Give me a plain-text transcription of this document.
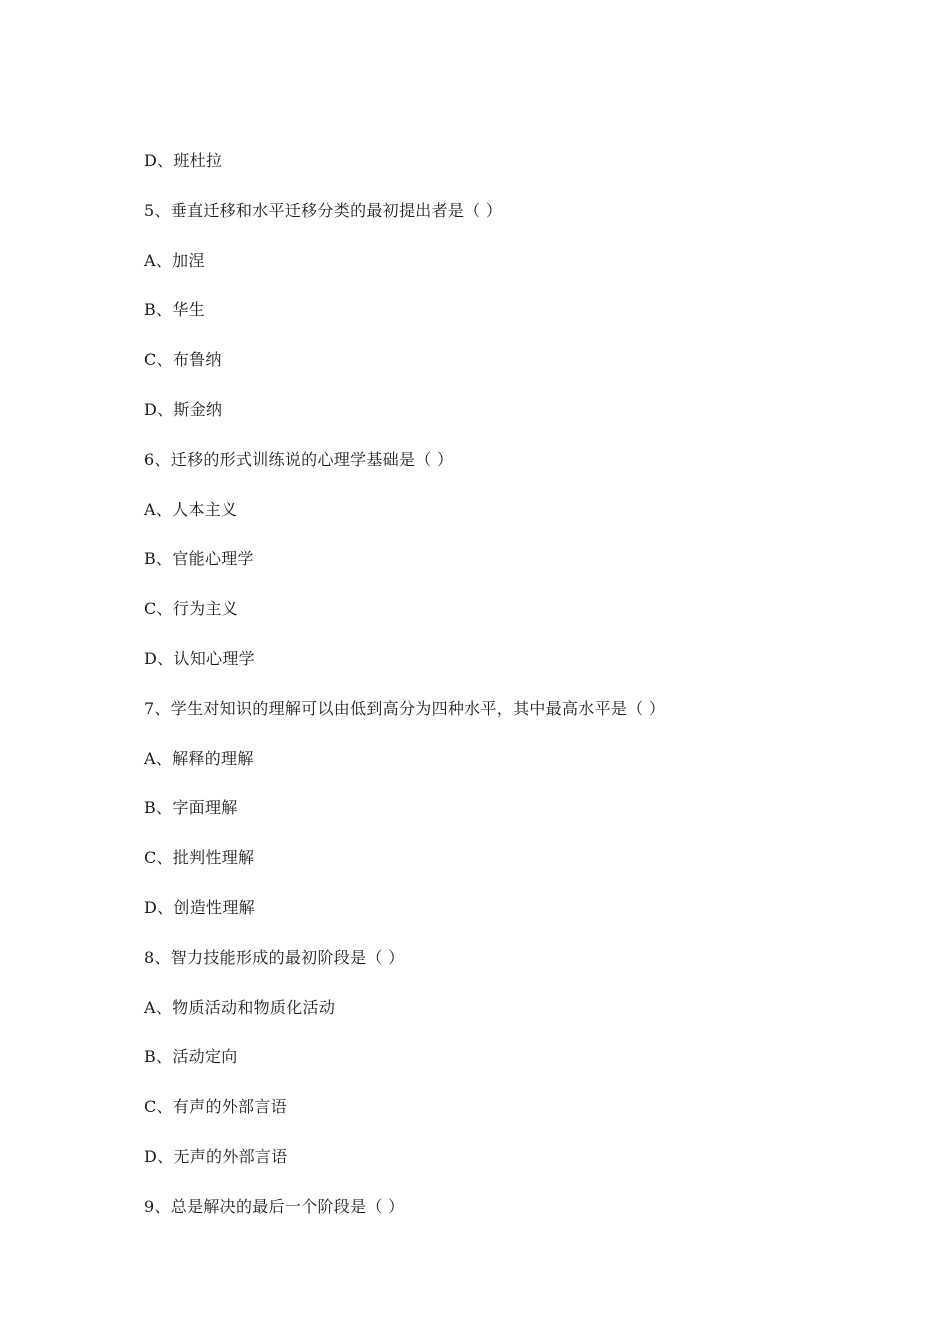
D、班杜拉
5、垂直迁移和水平迁移分类的最初提出者是（ ）
A、加涅
B、华生
C、布鲁纳
D、斯金纳
6、迁移的形式训练说的心理学基础是（ ）
A、人本主义
B、官能心理学
C、行为主义
D、认知心理学
7、学生对知识的理解可以由低到高分为四种水平，其中最高水平是（ ）
A、解释的理解
B、字面理解
C、批判性理解
D、创造性理解
8、智力技能形成的最初阶段是（ ）
A、物质活动和物质化活动
B、活动定向
C、有声的外部言语
D、无声的外部言语
9、总是解决的最后一个阶段是（ ）
